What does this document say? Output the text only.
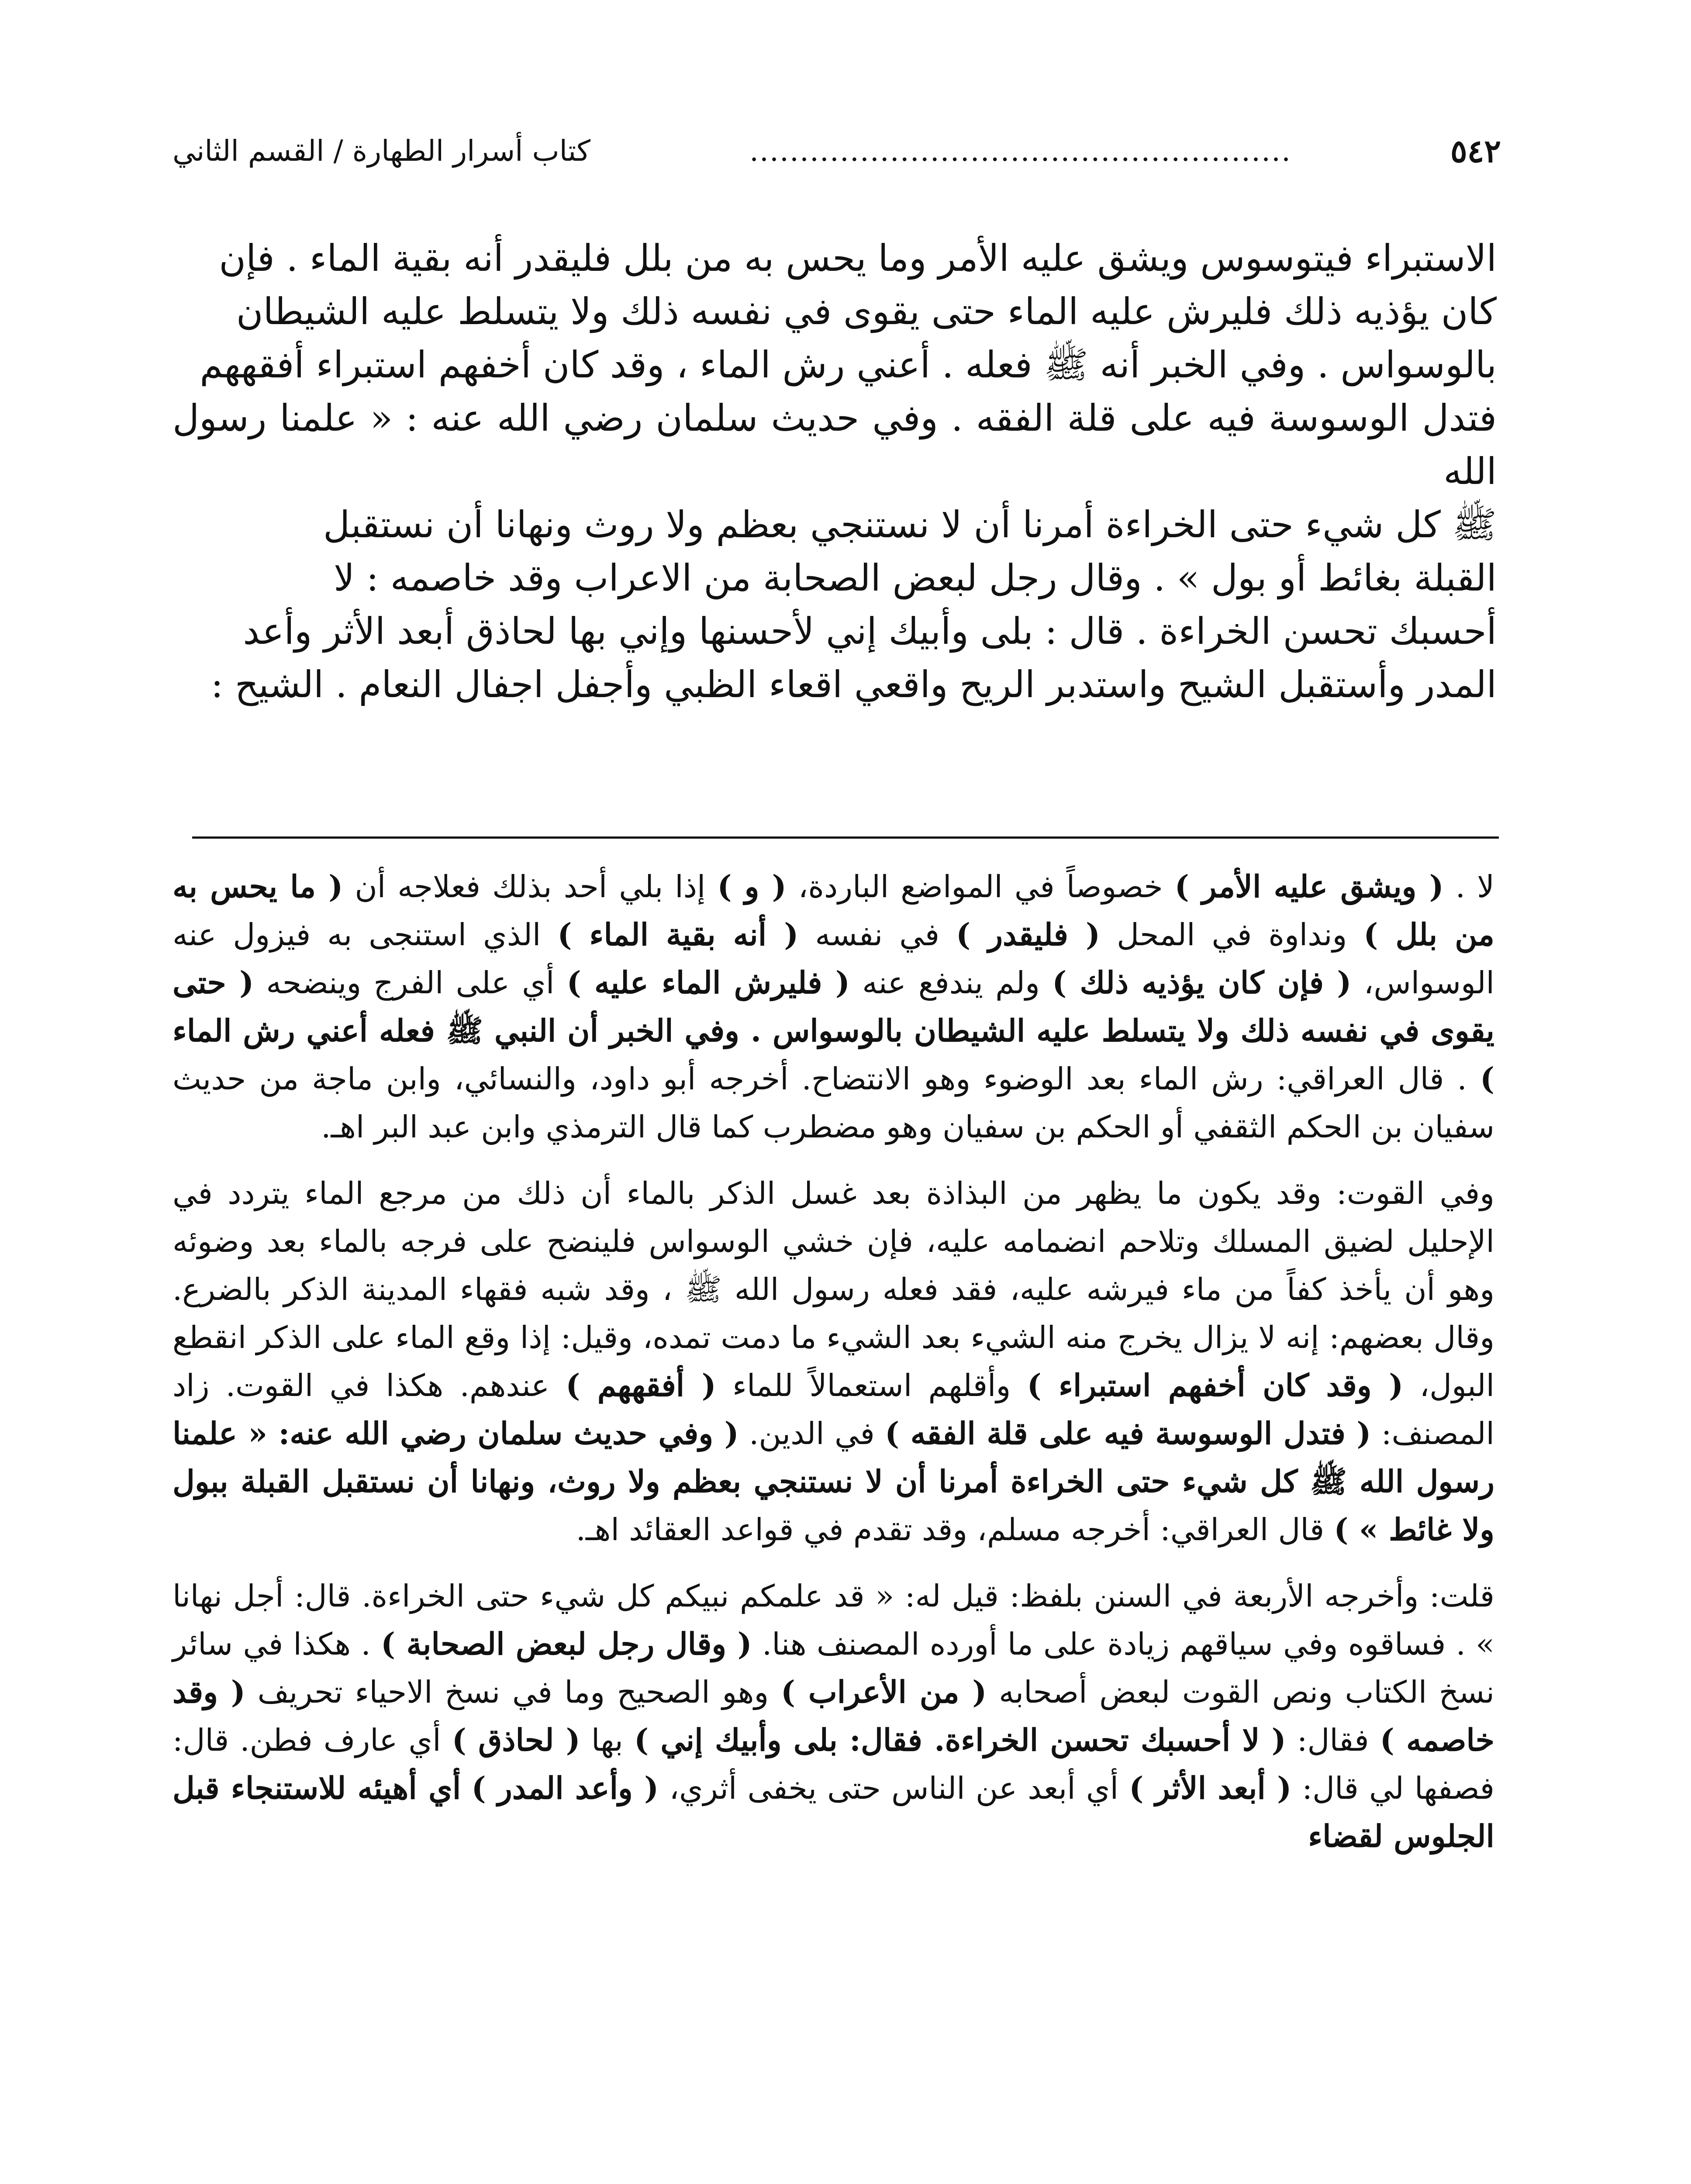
٥٤٢
......................................................
كتاب أسرار الطهارة / القسم الثاني

الاستبراء فيتوسوس ويشق عليه الأمر وما يحس به من بلل فليقدر أنه بقية الماء . فإن

كان يؤذيه ذلك فليرش عليه الماء حتى يقوى في نفسه ذلك ولا يتسلط عليه الشيطان

بالوسواس . وفي الخبر أنه ﷺ فعله . أعني رش الماء ، وقد كان أخفهم استبراء أفقههم

فتدل الوسوسة فيه على قلة الفقه . وفي حديث سلمان رضي الله عنه : « علمنا رسول الله

ﷺ كل شيء حتى الخراءة أمرنا أن لا نستنجي بعظم ولا روث ونهانا أن نستقبل

القبلة بغائط أو بول » . وقال رجل لبعض الصحابة من الاعراب وقد خاصمه : لا

أحسبك تحسن الخراءة . قال : بلى وأبيك إني لأحسنها وإني بها لحاذق أبعد الأثر وأعد

المدر وأستقبل الشيح واستدبر الريح واقعي اقعاء الظبي وأجفل اجفال النعام . الشيح :

لا . ( ويشق عليه الأمر ) خصوصاً في المواضع الباردة، ( و ) إذا بلي أحد بذلك فعلاجه أن ( ما يحس به من بلل ) ونداوة في المحل ( فليقدر ) في نفسه ( أنه بقية الماء ) الذي استنجى به فيزول عنه الوسواس، ( فإن كان يؤذيه ذلك ) ولم يندفع عنه ( فليرش الماء عليه ) أي على الفرج وينضحه ( حتى يقوى في نفسه ذلك ولا يتسلط عليه الشيطان بالوسواس . وفي الخبر أن النبي ﷺ فعله أعني رش الماء ) . قال العراقي: رش الماء بعد الوضوء وهو الانتضاح. أخرجه أبو داود، والنسائي، وابن ماجة من حديث سفيان بن الحكم الثقفي أو الحكم بن سفيان وهو مضطرب كما قال الترمذي وابن عبد البر اهـ.

وفي القوت: وقد يكون ما يظهر من البذاذة بعد غسل الذكر بالماء أن ذلك من مرجع الماء يتردد في الإحليل لضيق المسلك وتلاحم انضمامه عليه، فإن خشي الوسواس فلينضح على فرجه بالماء بعد وضوئه وهو أن يأخذ كفاً من ماء فيرشه عليه، فقد فعله رسول الله ﷺ ، وقد شبه فقهاء المدينة الذكر بالضرع. وقال بعضهم: إنه لا يزال يخرج منه الشيء بعد الشيء ما دمت تمده، وقيل: إذا وقع الماء على الذكر انقطع البول، ( وقد كان أخفهم استبراء ) وأقلهم استعمالاً للماء ( أفقههم ) عندهم. هكذا في القوت. زاد المصنف: ( فتدل الوسوسة فيه على قلة الفقه ) في الدين. ( وفي حديث سلمان رضي الله عنه: « علمنا رسول الله ﷺ كل شيء حتى الخراءة أمرنا أن لا نستنجي بعظم ولا روث، ونهانا أن نستقبل القبلة ببول ولا غائط » ) قال العراقي: أخرجه مسلم، وقد تقدم في قواعد العقائد اهـ.

قلت: وأخرجه الأربعة في السنن بلفظ: قيل له: « قد علمكم نبيكم كل شيء حتى الخراءة. قال: أجل نهانا » . فساقوه وفي سياقهم زيادة على ما أورده المصنف هنا. ( وقال رجل لبعض الصحابة ) . هكذا في سائر نسخ الكتاب ونص القوت لبعض أصحابه ( من الأعراب ) وهو الصحيح وما في نسخ الاحياء تحريف ( وقد خاصمه ) فقال: ( لا أحسبك تحسن الخراءة. فقال: بلى وأبيك إني ) بها ( لحاذق ) أي عارف فطن. قال: فصفها لي قال: ( أبعد الأثر ) أي أبعد عن الناس حتى يخفى أثري، ( وأعد المدر ) أي أهيئه للاستنجاء قبل الجلوس لقضاء
